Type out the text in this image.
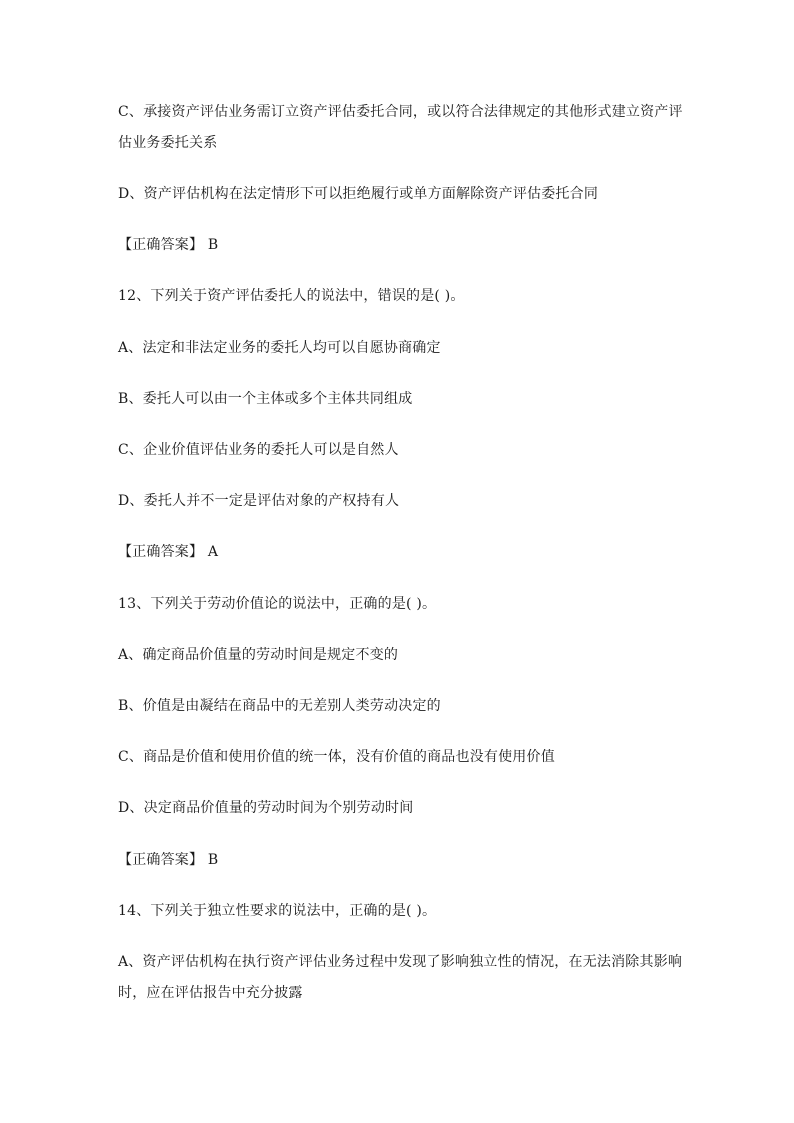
C、承接资产评估业务需订立资产评估委托合同，或以符合法律规定的其他形式建立资产评
估业务委托关系
D、资产评估机构在法定情形下可以拒绝履行或单方面解除资产评估委托合同
【正确答案】 B
12、下列关于资产评估委托人的说法中，错误的是( )。
A、法定和非法定业务的委托人均可以自愿协商确定
B、委托人可以由一个主体或多个主体共同组成
C、企业价值评估业务的委托人可以是自然人
D、委托人并不一定是评估对象的产权持有人
【正确答案】 A
13、下列关于劳动价值论的说法中，正确的是( )。
A、确定商品价值量的劳动时间是规定不变的
B、价值是由凝结在商品中的无差别人类劳动决定的
C、商品是价值和使用价值的统一体，没有价值的商品也没有使用价值
D、决定商品价值量的劳动时间为个别劳动时间
【正确答案】 B
14、下列关于独立性要求的说法中，正确的是( )。
A、资产评估机构在执行资产评估业务过程中发现了影响独立性的情况，在无法消除其影响
时，应在评估报告中充分披露
